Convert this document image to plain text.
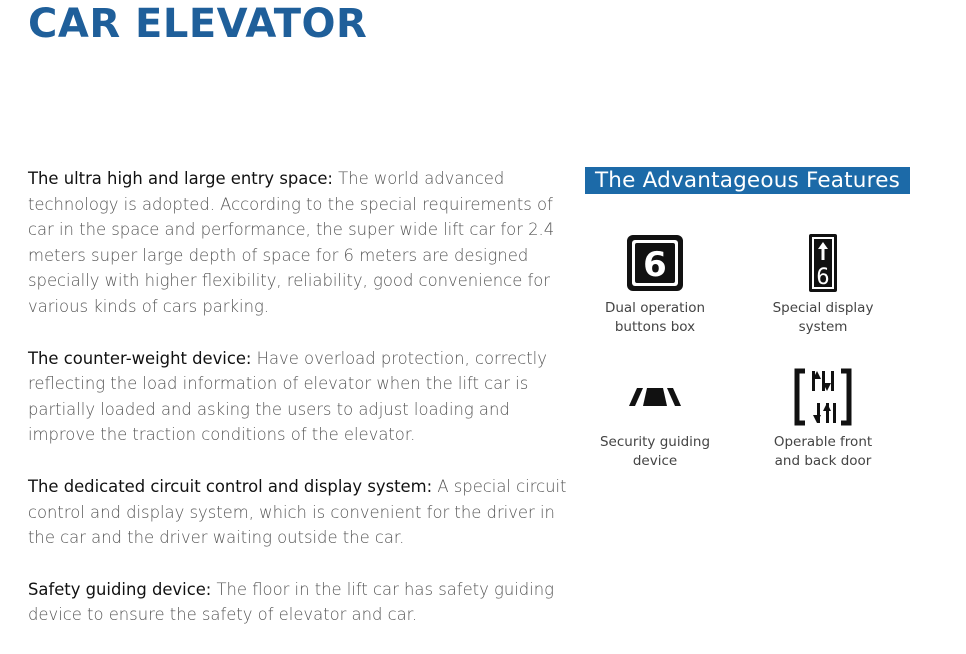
CAR ELEVATOR

The ultra high and large entry space: The world advanced technology is adopted. According to the special requirements of car in the space and performance, the super wide lift car for 2.4 meters super large depth of space for 6 meters are designed specially with higher flexibility, reliability, good convenience for various kinds of cars parking.

The counter-weight device: Have overload protection, correctly reflecting the load information of elevator when the lift car is partially loaded and asking the users to adjust loading and improve the traction conditions of the elevator.

The dedicated circuit control and display system: A special circuit control and display system, which is convenient for the driver in the car and the driver waiting outside the car.

Safety guiding device: The floor in the lift car has safety guiding device to ensure the safety of elevator and car.

The Advantageous Features
6
Dual operation
buttons box
6
Special display
system
Security guiding
device
Operable front
and back door
